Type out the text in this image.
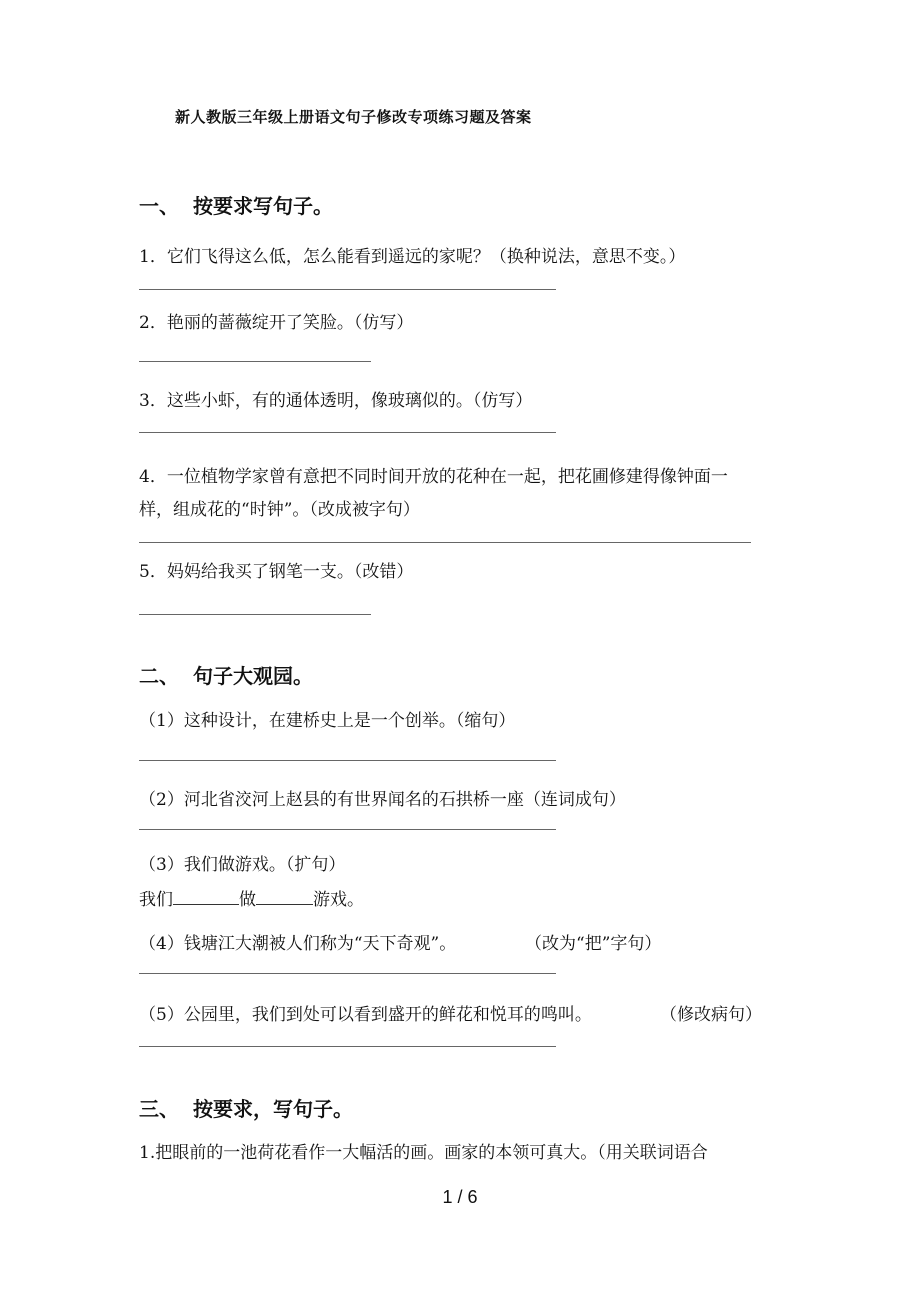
新人教版三年级上册语文句子修改专项练习题及答案
一、 按要求写句子。
1．它们飞得这么低，怎么能看到遥远的家呢？（换种说法，意思不变。）
2．艳丽的蔷薇绽开了笑脸。（仿写）
3．这些小虾，有的通体透明，像玻璃似的。（仿写）
4．一位植物学家曾有意把不同时间开放的花种在一起，把花圃修建得像钟面一
样，组成花的“时钟”。（改成被字句）
5．妈妈给我买了钢笔一支。（改错）
二、 句子大观园。
（1）这种设计，在建桥史上是一个创举。（缩句）
（2）河北省洨河上赵县的有世界闻名的石拱桥一座（连词成句）
（3）我们做游戏。（扩句）
我们	做	游戏。
（4）钱塘江大潮被人们称为“天下奇观”。	（改为“把”字句）
（5）公园里，我们到处可以看到盛开的鲜花和悦耳的鸣叫。	（修改病句）
三、 按要求，写句子。
1.把眼前的一池荷花看作一大幅活的画。画家的本领可真大。（用关联词语合
1 / 6
